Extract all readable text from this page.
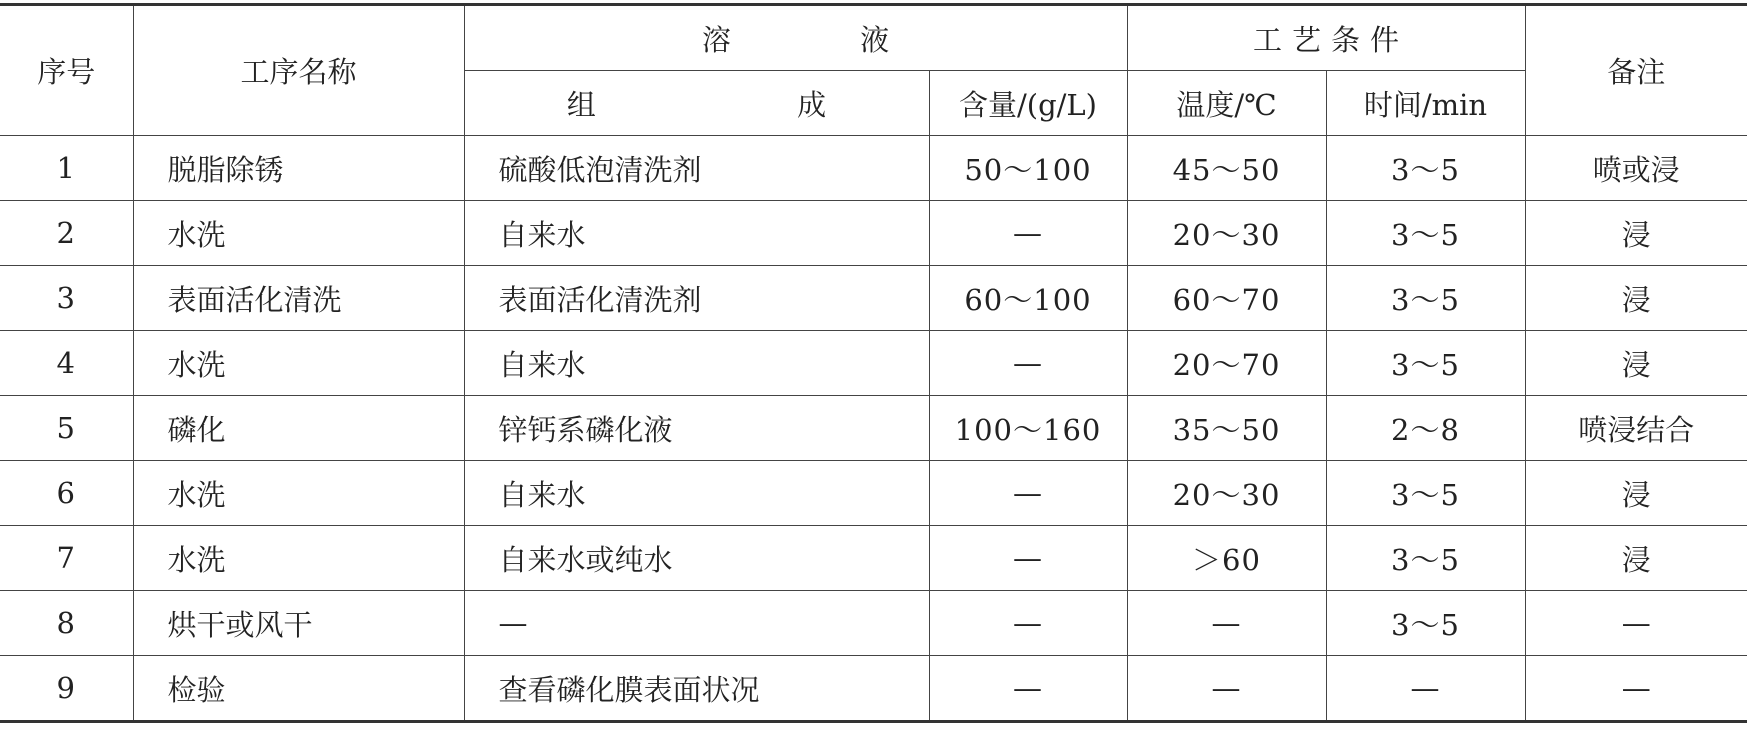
序号	工序名称	溶 液		工艺条件		备注
		组 成	含量/(g/L)	温度/℃	时间/min	
1	脱脂除锈	硫酸低泡清洗剂	50～100	45～50	3～5	喷或浸
2	水洗	自来水	—	20～30	3～5	浸
3	表面活化清洗	表面活化清洗剂	60～100	60～70	3～5	浸
4	水洗	自来水	—	20～70	3～5	浸
5	磷化	锌钙系磷化液	100～160	35～50	2～8	喷浸结合
6	水洗	自来水	—	20～30	3～5	浸
7	水洗	自来水或纯水	—	＞60	3～5	浸
8	烘干或风干	—	—	—	3～5	—
9	检验	查看磷化膜表面状况	—	—	—	—
